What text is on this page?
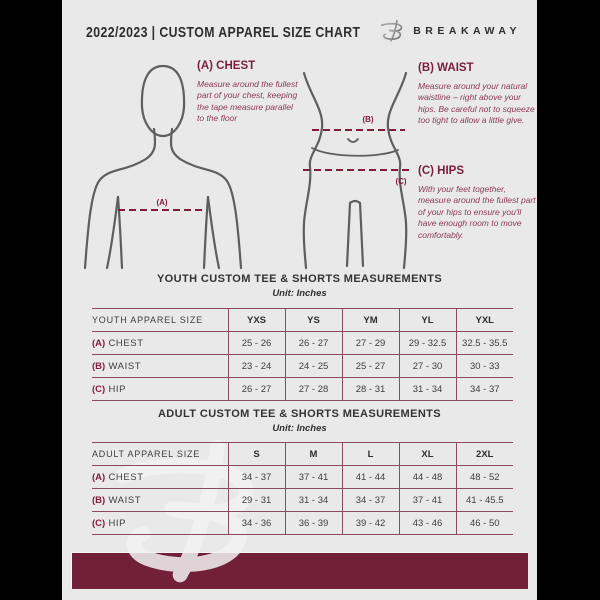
2022/2023 | CUSTOM APPAREL SIZE CHART	BREAKAWAY
(A)
(B)
(C)

(A) CHEST

Measure around the fullest part of your chest, keeping the tape measure parallel to the floor

(B) WAIST

Measure around your natural waistline – right above your hips. Be careful not to squeeze too tight to allow a little give.

(C) HIPS

With your feet together, measure around the fullest part of your hips to ensure you'll have enough room to move comfortably.

YOUTH CUSTOM TEE & SHORTS MEASUREMENTS
Unit: Inches
YOUTH APPAREL SIZE	YXS	YS	YM	YL	YXL
(A) CHEST	25 - 26	26 - 27	27 - 29	29 - 32.5	32.5 - 35.5
(B) WAIST	23 - 24	24 - 25	25 - 27	27 - 30	30 - 33
(C) HIP	26 - 27	27 - 28	28 - 31	31 - 34	34 - 37
ADULT CUSTOM TEE & SHORTS MEASUREMENTS
Unit: Inches
ADULT APPAREL SIZE	S	M	L	XL	2XL
(A) CHEST	34 - 37	37 - 41	41 - 44	44 - 48	48 - 52
(B) WAIST	29 - 31	31 - 34	34 - 37	37 - 41	41 - 45.5
(C) HIP	34 - 36	36 - 39	39 - 42	43 - 46	46 - 50
